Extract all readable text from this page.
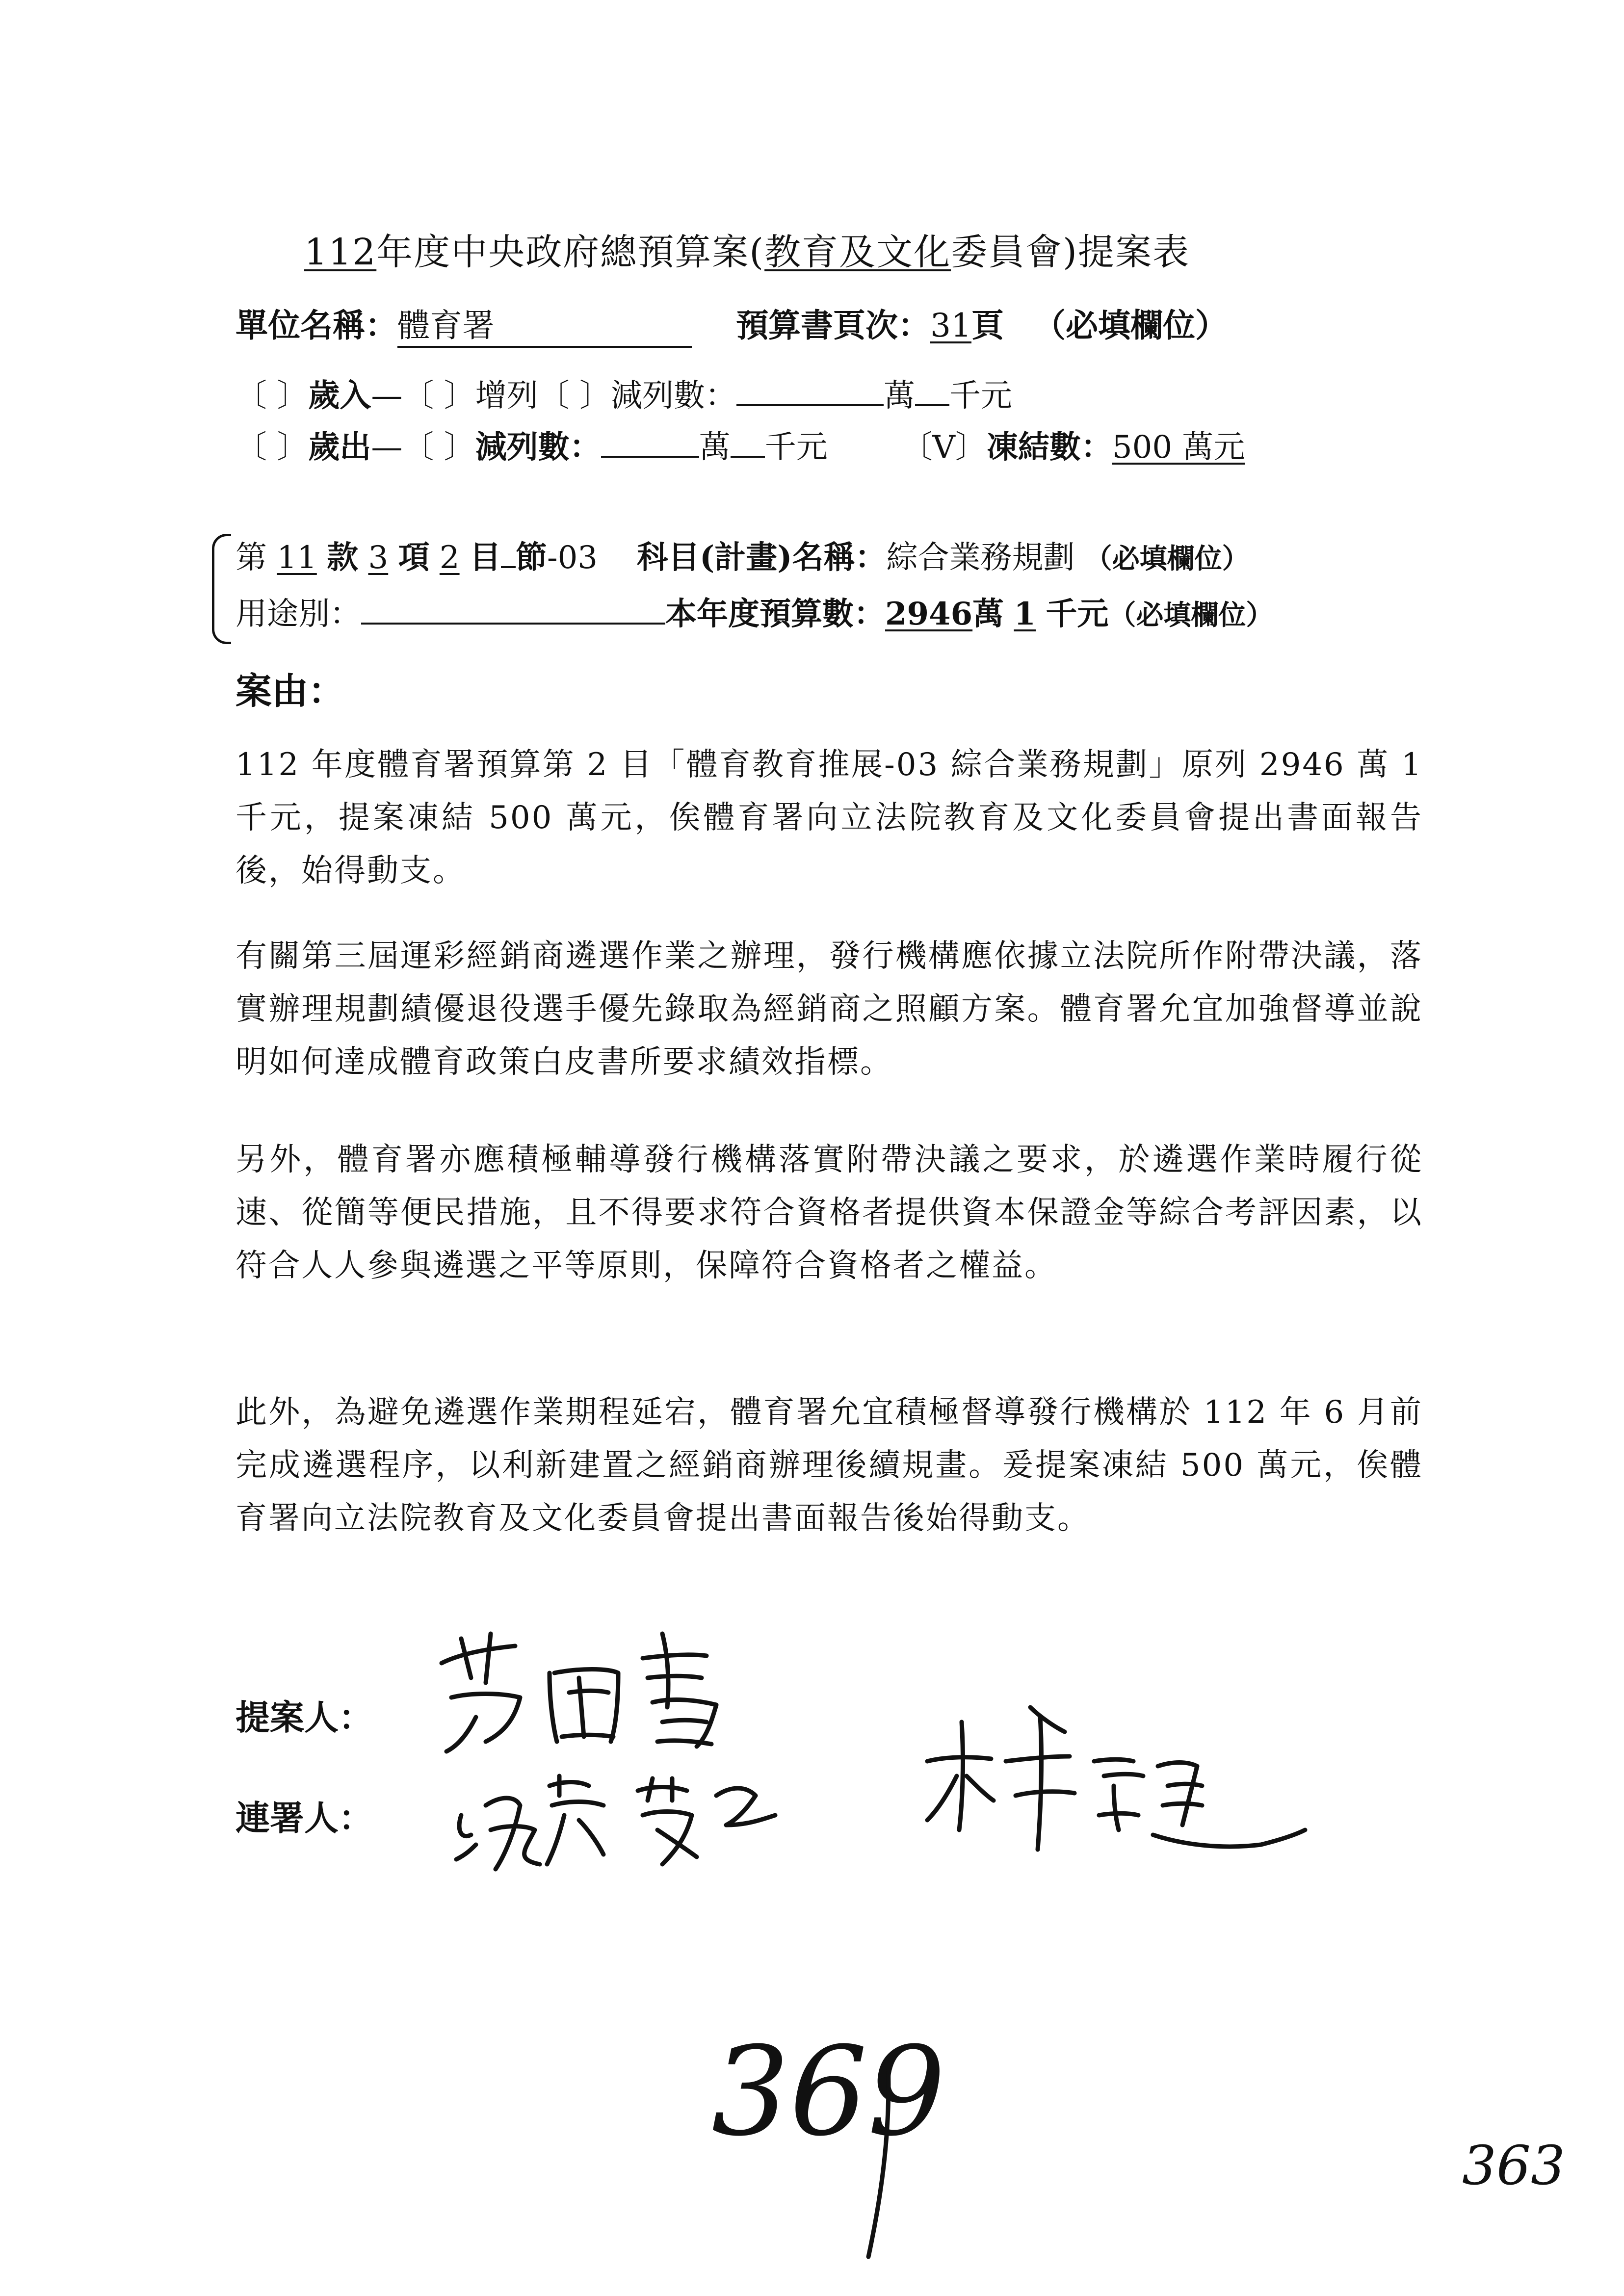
112年度中央政府總預算案(教育及文化委員會)提案表
單位名稱：體育署	預算書頁次：31頁 （必填欄位）
〔 〕歲入—〔 〕增列〔 〕減列數：	萬 千元
〔 〕歲出—〔 〕減列數：	萬 千元 〔V〕凍結數：500 萬元
第 11 款 3 項 2 目 節-03 科目(計畫)名稱：綜合業務規劃 （必填欄位）
用途別：	本年度預算數：2946萬 1 千元（必填欄位）
案由：
112 年度體育署預算第 2 目「體育教育推展-03 綜合業務規劃」原列 2946 萬 1 千元，提案凍結 500 萬元，俟體育署向立法院教育及文化委員會提出書面報告後，始得動支。
有關第三屆運彩經銷商遴選作業之辦理，發行機構應依據立法院所作附帶決議，落實辦理規劃績優退役選手優先錄取為經銷商之照顧方案。體育署允宜加強督導並說明如何達成體育政策白皮書所要求績效指標。
另外，體育署亦應積極輔導發行機構落實附帶決議之要求，於遴選作業時履行從速、從簡等便民措施，且不得要求符合資格者提供資本保證金等綜合考評因素，以符合人人參與遴選之平等原則，保障符合資格者之權益。
此外，為避免遴選作業期程延宕，體育署允宜積極督導發行機構於 112 年 6 月前完成遴選程序，以利新建置之經銷商辦理後續規畫。爰提案凍結 500 萬元，俟體育署向立法院教育及文化委員會提出書面報告後始得動支。
提案人：
連署人：
369
363
